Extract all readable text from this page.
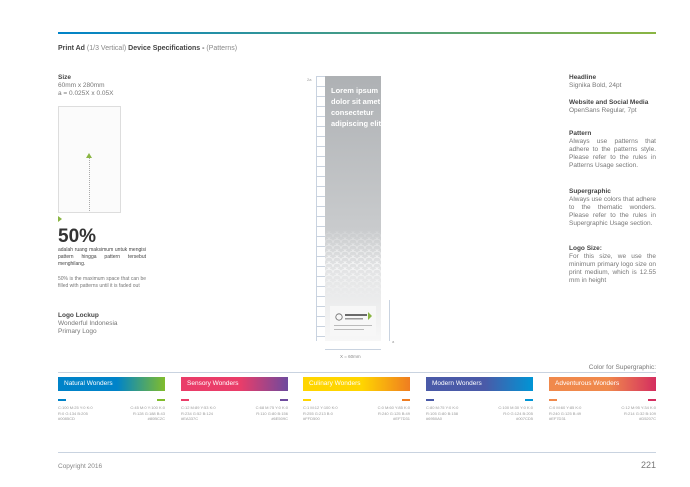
Print Ad (1/3 Vertical) Device Specifications - (Patterns)
Size
60mm x 280mm
a = 0.025X x 0.05X
50%
adalah ruang maksimum untuk mengisi pattern hingga pattern tersebut menghilang.
50% is the maximum space that can be filled with patterns until it is faded out
Logo Lockup
Wonderful Indonesia
Primary Logo
2a
Lorem ipsum dolor sit amet consectetur adipiscing elit
a
X = 60mm
Headline
Signika Bold, 24pt
Website and Social Media
OpenSans Regular, 7pt
Pattern
Always use patterns that adhere to the patterns style. Please refer to the rules in Patterns Usage section.
Supergraphic
Always use colors that adhere to the thematic wonders. Please refer to the rules in Supergraphic Usage section.
Logo Size:
For this size, we use the minimum primary logo size on print medium, which is 12.55 mm in height
Color for Supergraphic:
Natural Wonders
C:100 M:25 Y:0 K:0
R:0 G:134 B:205
#0085CD
C:45 M:0 Y:100 K:0
R:128 G:188 B:43
#80BC2C
Sensory Wonders
C:12 M:89 Y:53 K:0
R:234 G:52 B:124
#EA337C
C:68 M:75 Y:0 K:0
R:110 G:80 B:156
#6E509C
Culinary Wonders
C:1 M:12 Y:100 K:0
R:255 G:213 B:0
#FFD500
C:0 M:60 Y:85 K:0
R:240 G:125 B:49
#EF7D31
Modern Wonders
C:80 M:75 Y:0 K:0
R:105 G:80 B:158
#6950A0
C:100 M:30 Y:0 K:0
R:0 G:124 B:205
#007CD5
Adventurous Wonders
C:0 M:60 Y:85 K:0
R:240 G:125 B:49
#EF7D31
C:12 M:95 Y:34 K:0
R:214 G:32 B:109
#D5207C
Copyright 2016	221
